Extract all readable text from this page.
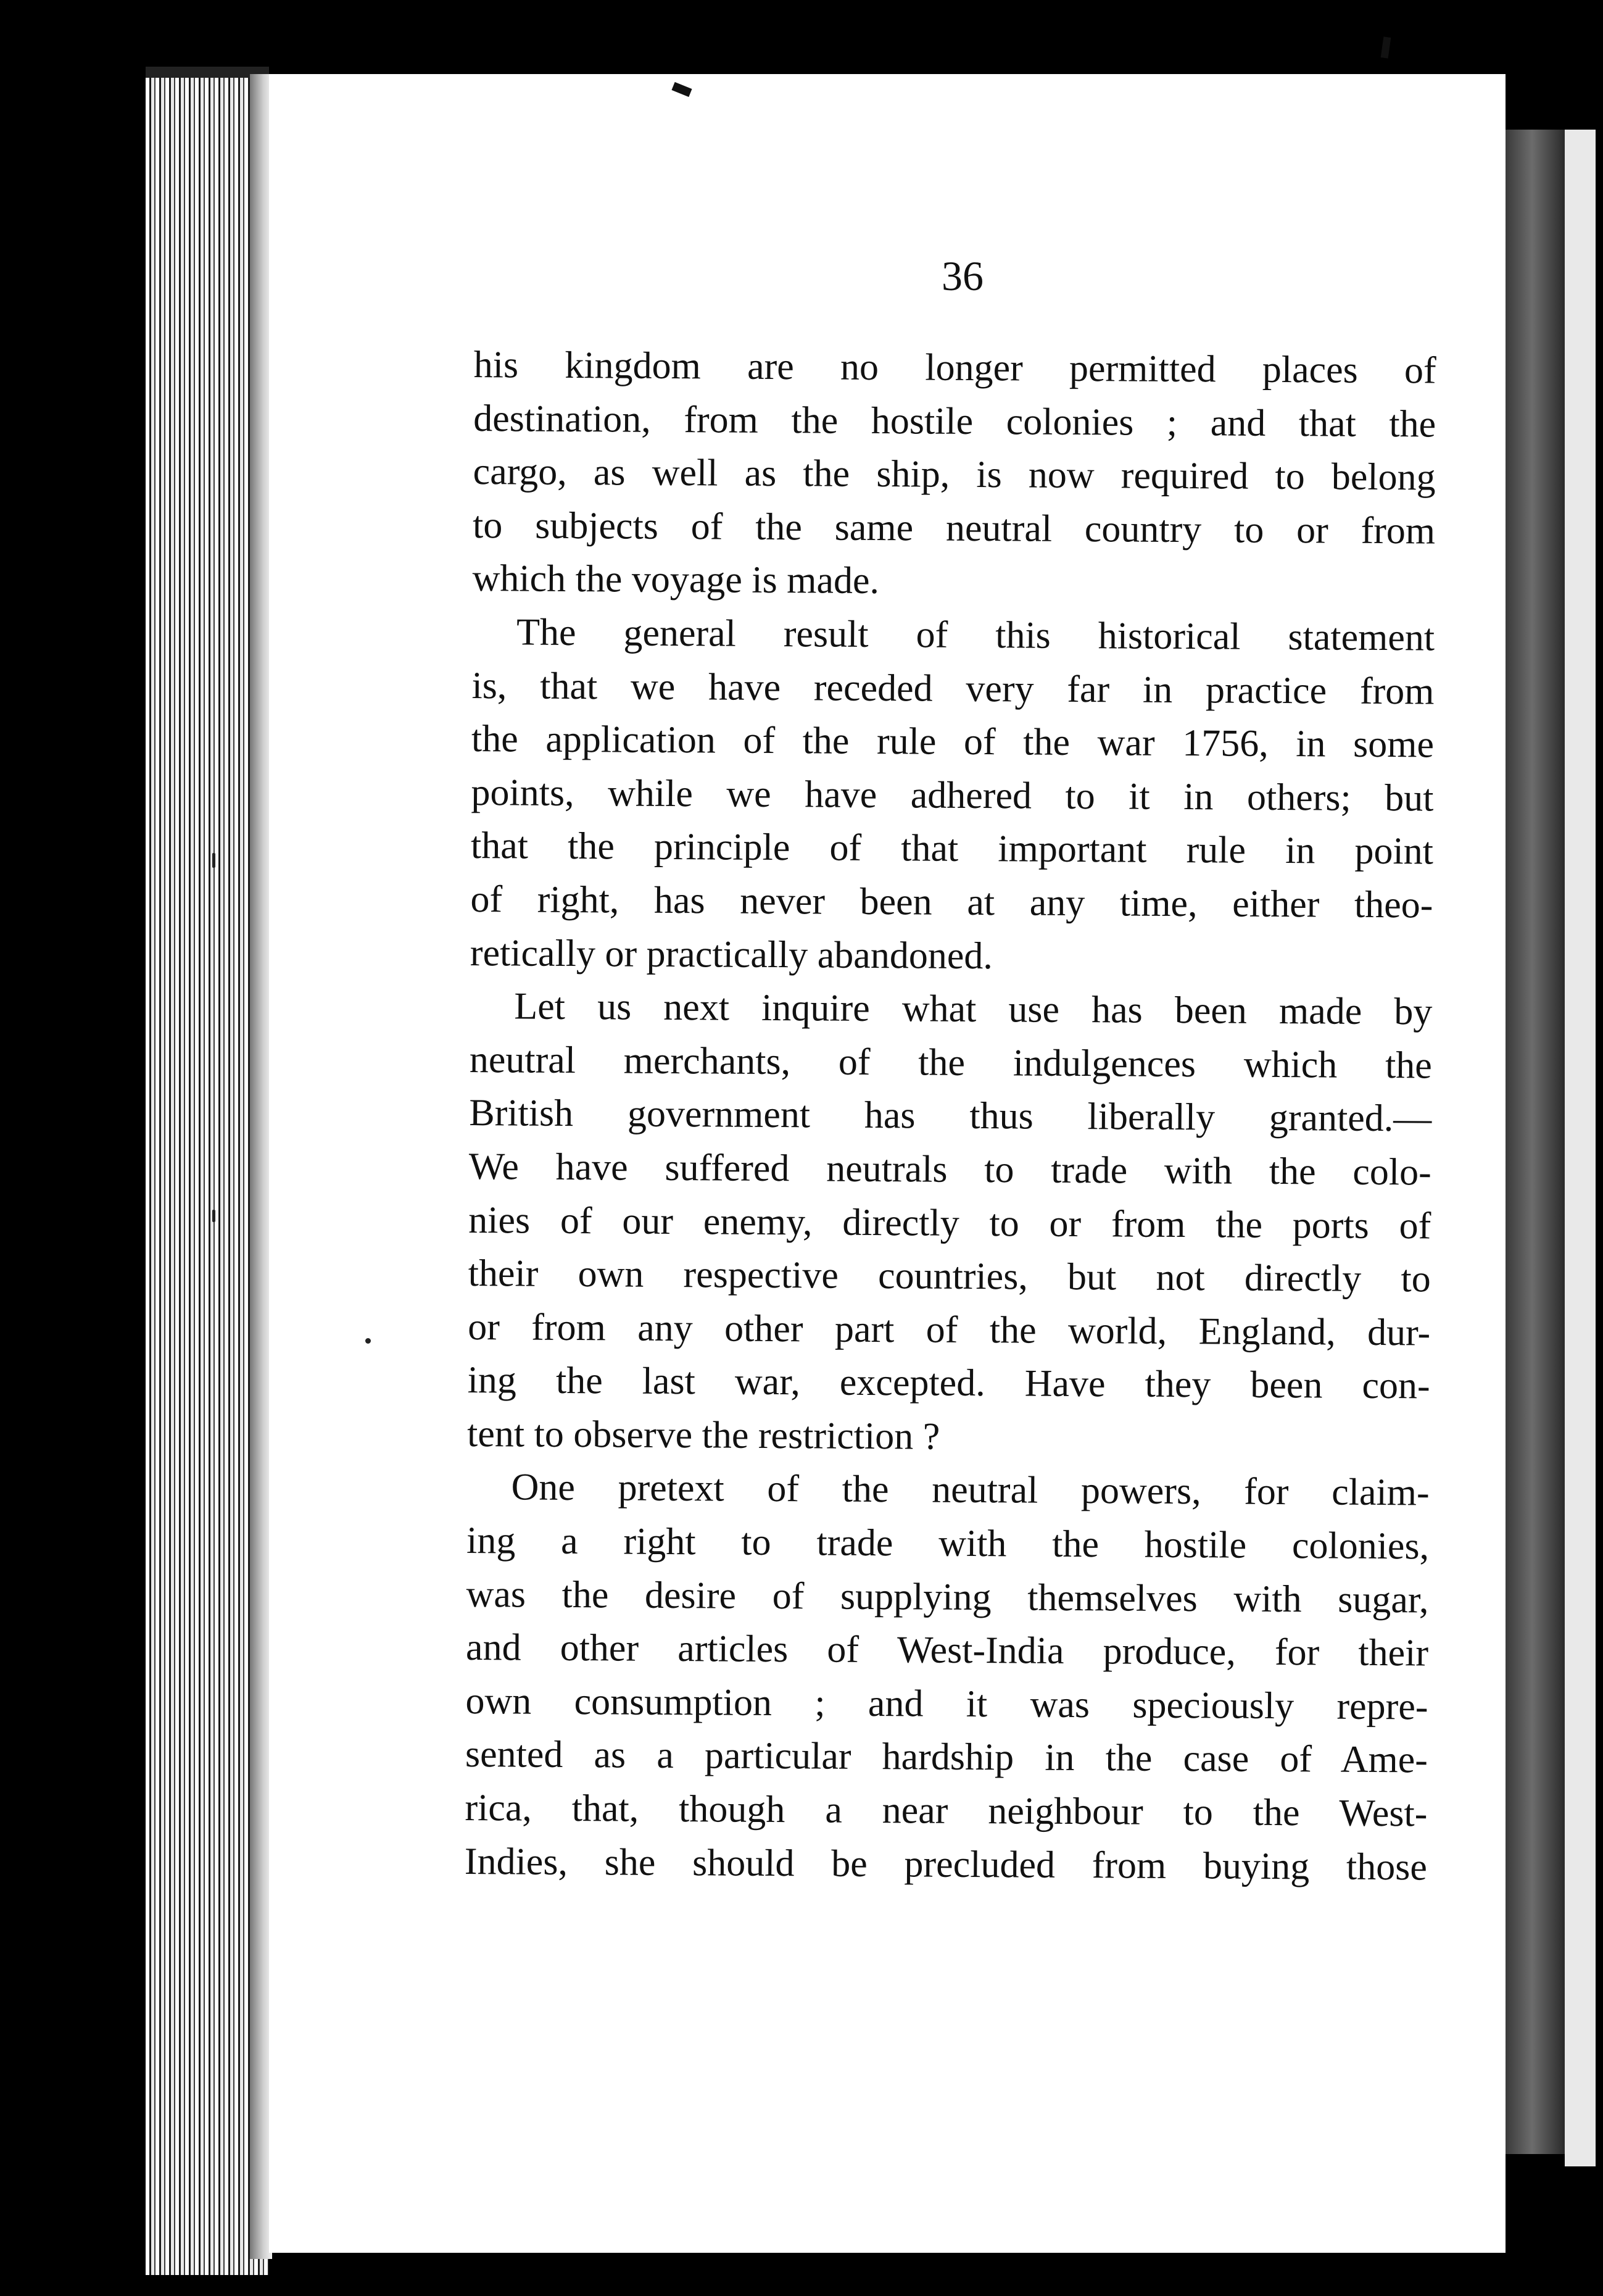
36
his kingdom are no longer permitted places of
destination, from the hostile colonies ; and that the
cargo, as well as the ship, is now required to belong
to subjects of the same neutral country to or from
which the voyage is made.
The general result of this historical statement
is, that we have receded very far in practice from
the application of the rule of the war 1756, in some
points, while we have adhered to it in others; but
that the principle of that important rule in point
of right, has never been at any time, either theo-
retically or practically abandoned.
Let us next inquire what use has been made by
neutral merchants, of the indulgences which the
British government has thus liberally granted.—
We have suffered neutrals to trade with the colo-
nies of our enemy, directly to or from the ports of
their own respective countries, but not directly to
or from any other part of the world, England, dur-
ing the last war, excepted. Have they been con-
tent to observe the restriction ?
One pretext of the neutral powers, for claim-
ing a right to trade with the hostile colonies,
was the desire of supplying themselves with sugar,
and other articles of West-India produce, for their
own consumption ; and it was speciously repre-
sented as a particular hardship in the case of Ame-
rica, that, though a near neighbour to the West-
Indies, she should be precluded from buying those
